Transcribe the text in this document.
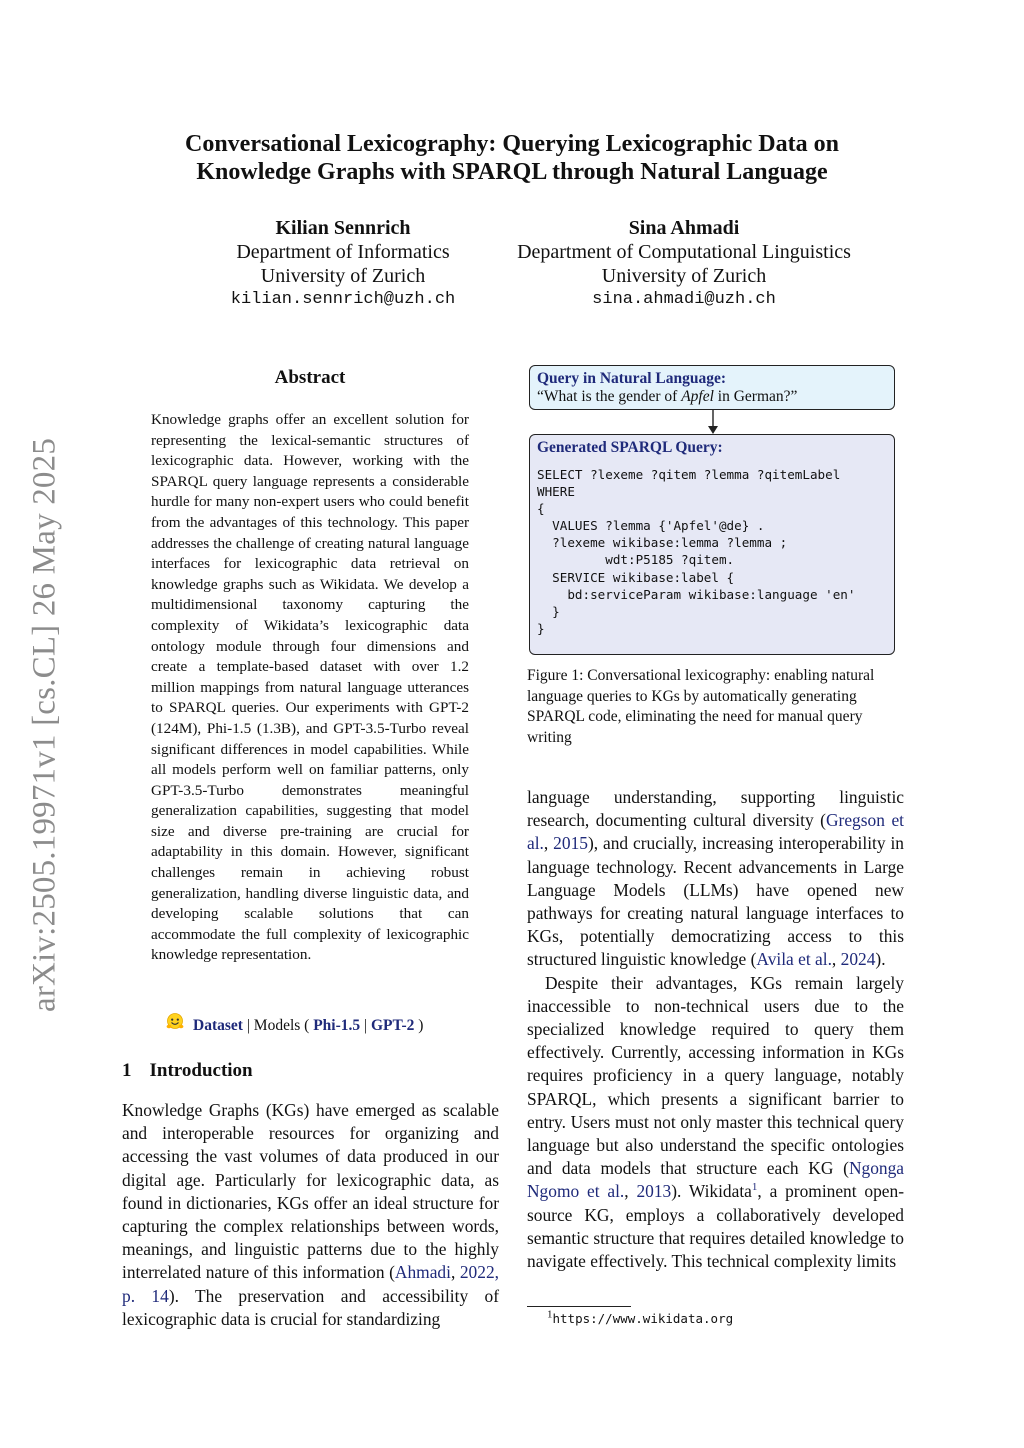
arXiv:2505.19971v1 [cs.CL] 26 May 2025
Conversational Lexicography: Querying Lexicographic Data on
Knowledge Graphs with SPARQL through Natural Language
Kilian Sennrich
Department of Informatics
University of Zurich
kilian.sennrich@uzh.ch
Sina Ahmadi
Department of Computational Linguistics
University of Zurich
sina.ahmadi@uzh.ch
Abstract
Knowledge graphs offer an excellent solution for representing the lexical-semantic structures of lexicographic data. However, working with the SPARQL query language represents a considerable hurdle for many non-expert users who could benefit from the advantages of this technology. This paper addresses the challenge of creating natural language interfaces for lexicographic data retrieval on knowledge graphs such as Wikidata. We develop a multidimensional taxonomy capturing the complexity of Wikidata’s lexicographic data ontology module through four dimensions and create a template-based dataset with over 1.2 million mappings from natural language utterances to SPARQL queries. Our experiments with GPT-2 (124M), Phi-1.5 (1.3B), and GPT-3.5-Turbo reveal significant differences in model capabilities. While all models perform well on familiar patterns, only GPT-3.5-Turbo demonstrates meaningful generalization capabilities, suggesting that model size and diverse pre-training are crucial for adaptability in this domain. However, significant challenges remain in achieving robust generalization, handling diverse linguistic data, and developing scalable solutions that can accommodate the full complexity of lexicographic knowledge representation.
Dataset | Models ( Phi-1.5 | GPT-2 )
1 Introduction

Knowledge Graphs (KGs) have emerged as scalable and interoperable resources for organizing and accessing the vast volumes of data produced in our digital age. Particularly for lexicographic data, as found in dictionaries, KGs offer an ideal structure for capturing the complex relationships between words, meanings, and linguistic patterns due to the highly interrelated nature of this information (Ahmadi, 2022, p. 14). The preservation and accessibility of lexicographic data is crucial for standardizing

Query in Natural Language:
“What is the gender of Apfel in German?”
Generated SPARQL Query:
SELECT ?lexeme ?qitem ?lemma ?qitemLabel
WHERE
{
VALUES ?lemma {'Apfel'@de} .
?lexeme wikibase:lemma ?lemma ;
wdt:P5185 ?qitem.
SERVICE wikibase:label {
bd:serviceParam wikibase:language 'en'
}
}
Figure 1: Conversational lexicography: enabling natural language queries to KGs by automatically generating SPARQL code, eliminating the need for manual query writing

language understanding, supporting linguistic research, documenting cultural diversity (Gregson et al., 2015), and crucially, increasing interoperability in language technology. Recent advancements in Large Language Models (LLMs) have opened new pathways for creating natural language interfaces to KGs, potentially democratizing access to this structured linguistic knowledge (Avila et al., 2024).

Despite their advantages, KGs remain largely inaccessible to non-technical users due to the specialized knowledge required to query them effectively. Currently, accessing information in KGs requires proficiency in a query language, notably SPARQL, which presents a significant barrier to entry. Users must not only master this technical query language but also understand the specific ontologies and data models that structure each KG (Ngonga Ngomo et al., 2013). Wikidata$^1$, a prominent open-source KG, employs a collaboratively developed semantic structure that requires detailed knowledge to navigate effectively. This technical complexity limits

$^1$https://www.wikidata.org
